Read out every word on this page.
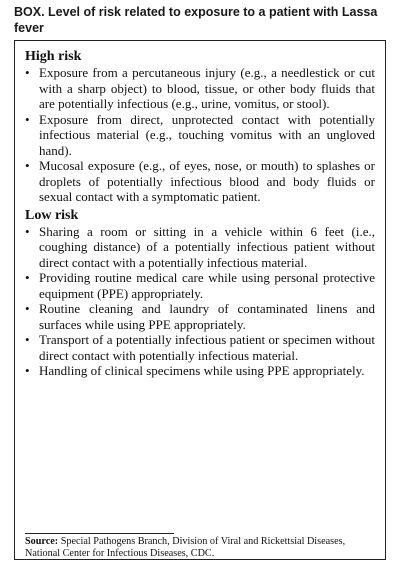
BOX. Level of risk related to exposure to a patient with Lassa fever
High risk
• Exposure from a percutaneous injury (e.g., a needlestick or cut with a sharp object) to blood, tissue, or other body fluids that are potentially infectious (e.g., urine, vomitus, or stool).
• Exposure from direct, unprotected contact with potentially infectious material (e.g., touching vomitus with an ungloved hand).
• Mucosal exposure (e.g., of eyes, nose, or mouth) to splashes or droplets of potentially infectious blood and body fluids or sexual contact with a symptomatic patient.
Low risk
• Sharing a room or sitting in a vehicle within 6 feet (i.e., coughing distance) of a potentially infectious patient without direct contact with a potentially infectious material.
• Providing routine medical care while using personal protective equipment (PPE) appropriately.
• Routine cleaning and laundry of contaminated linens and surfaces while using PPE appropriately.
• Transport of a potentially infectious patient or specimen without direct contact with potentially infectious material.
• Handling of clinical specimens while using PPE appropriately.
Source: Special Pathogens Branch, Division of Viral and Rickettsial Diseases, National Center for Infectious Diseases, CDC.
